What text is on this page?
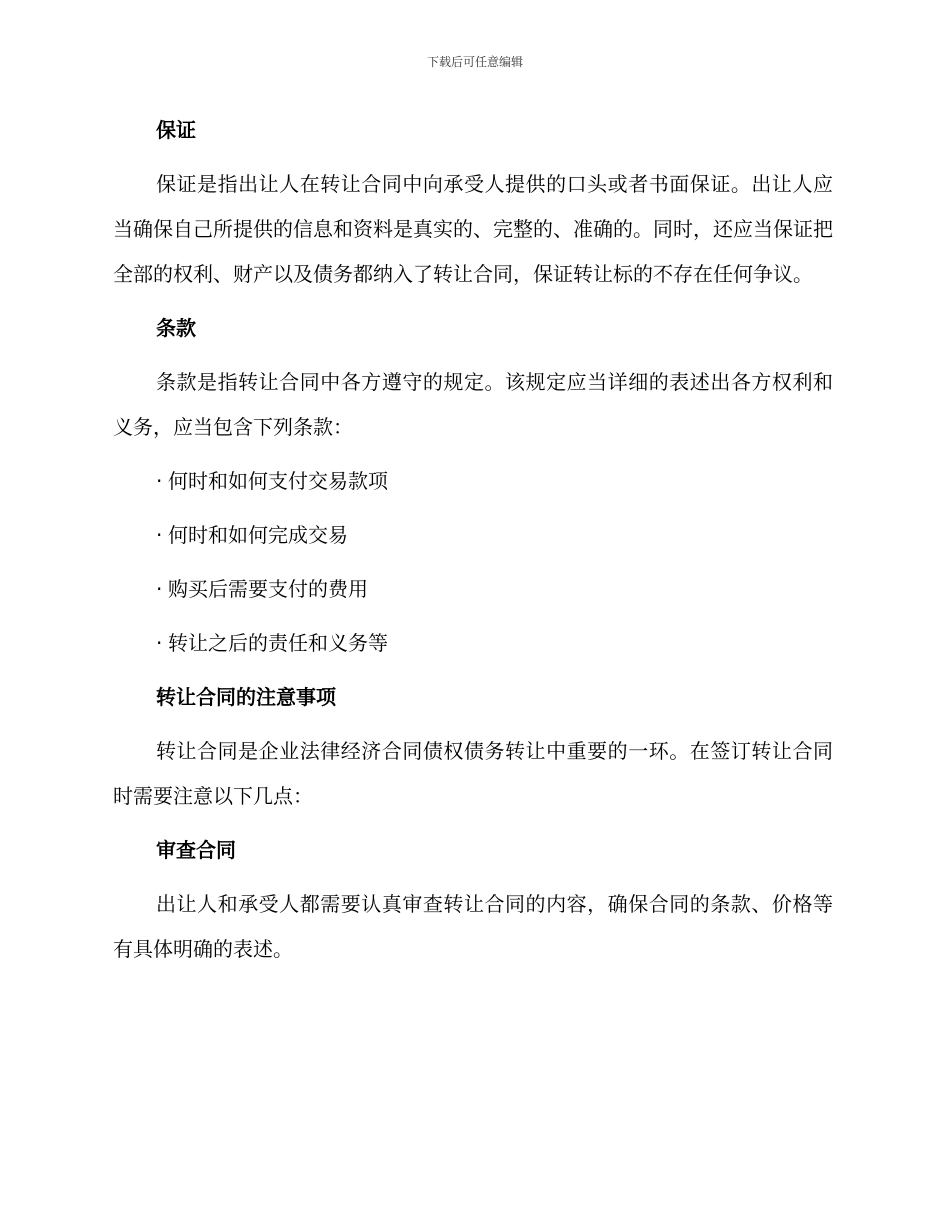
下载后可任意编辑
保证
保证是指出让人在转让合同中向承受人提供的口头或者书面保证。出让人应当确保自己所提供的信息和资料是真实的、完整的、准确的。同时，还应当保证把全部的权利、财产以及债务都纳入了转让合同，保证转让标的不存在任何争议。
条款
条款是指转让合同中各方遵守的规定。该规定应当详细的表述出各方权利和义务，应当包含下列条款：
· 何时和如何支付交易款项
· 何时和如何完成交易
· 购买后需要支付的费用
· 转让之后的责任和义务等
转让合同的注意事项
转让合同是企业法律经济合同债权债务转让中重要的一环。在签订转让合同时需要注意以下几点：
审查合同
出让人和承受人都需要认真审查转让合同的内容，确保合同的条款、价格等有具体明确的表述。
